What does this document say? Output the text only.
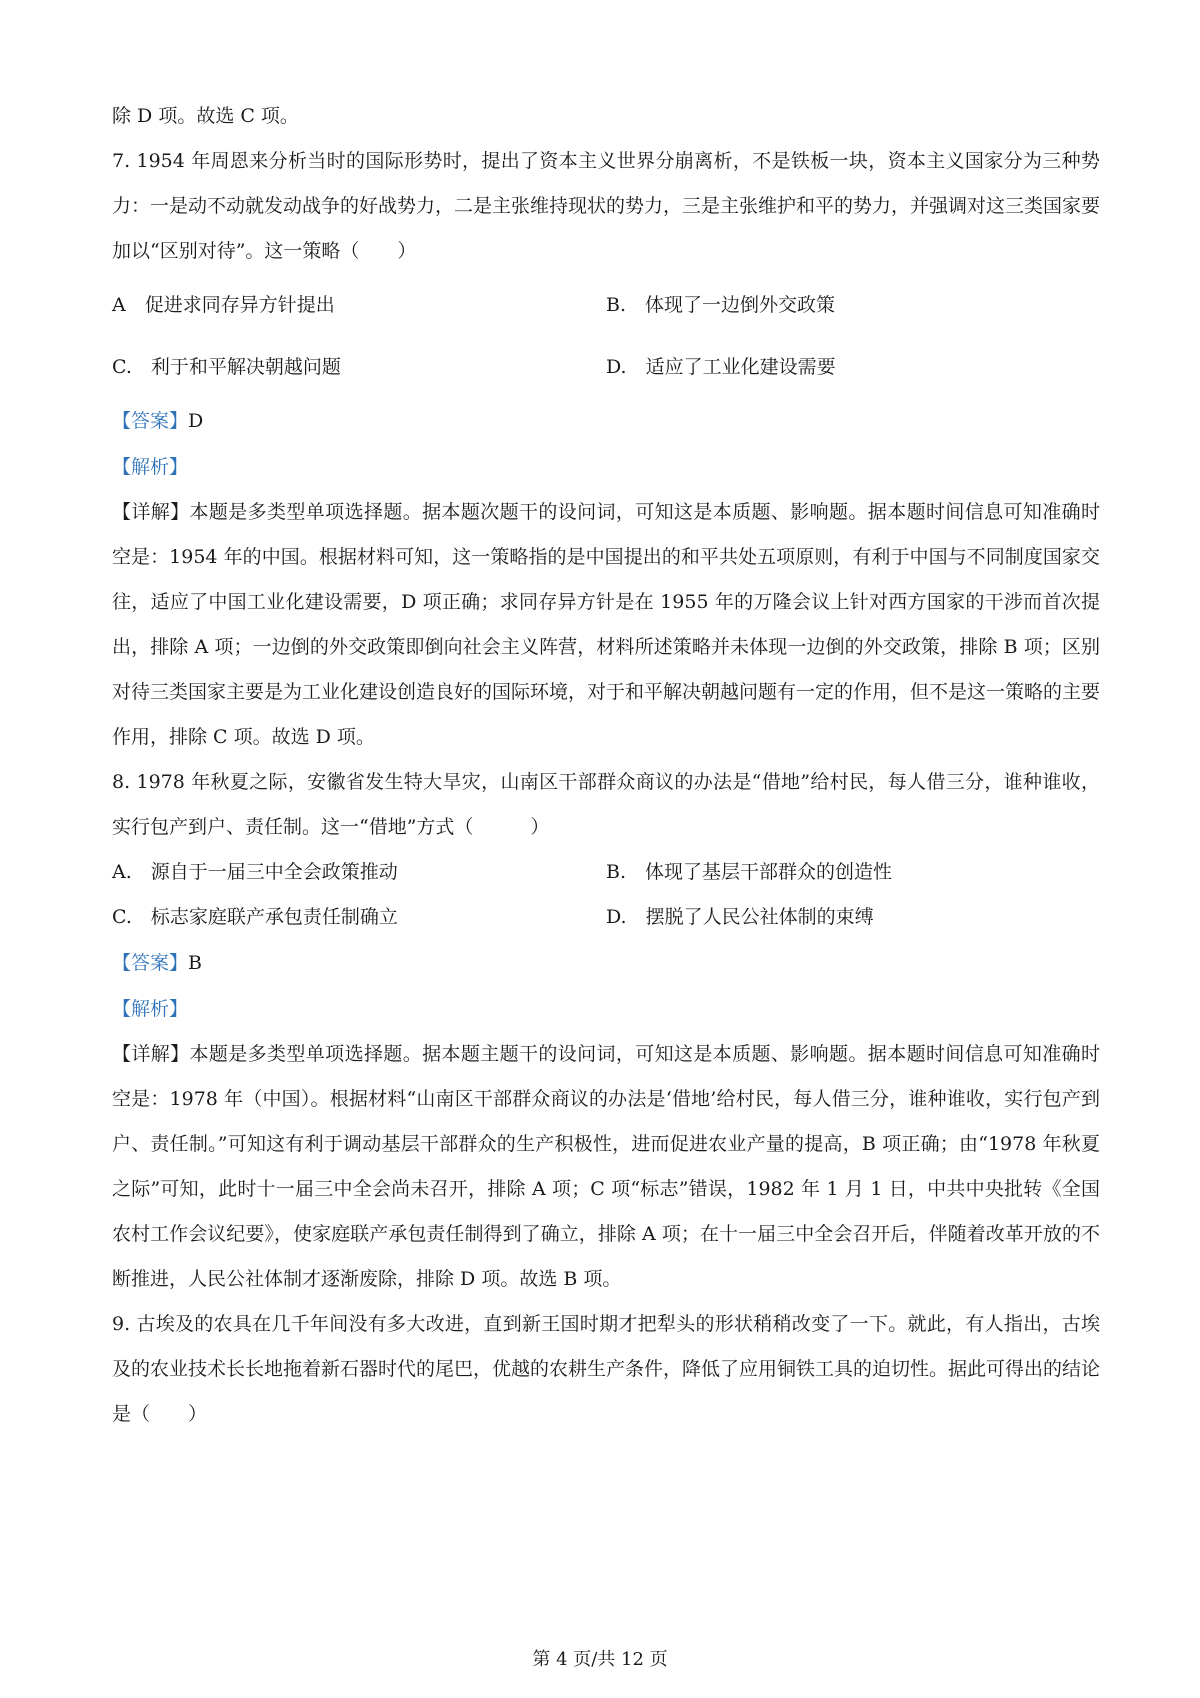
除 D 项。故选 C 项。

7. 1954 年周恩来分析当时的国际形势时，提出了资本主义世界分崩离析，不是铁板一块，资本主义国家分为三种势力：一是动不动就发动战争的好战势力，二是主张维持现状的势力，三是主张维护和平的势力，并强调对这三类国家要加以“区别对待”。这一策略（　　）

A　促进求同存异方针提出	B.　体现了一边倒外交政策
C.　利于和平解决朝越问题	D.　适应了工业化建设需要

【答案】D

【解析】

【详解】本题是多类型单项选择题。据本题次题干的设问词，可知这是本质题、影响题。据本题时间信息可知准确时空是：1954 年的中国。根据材料可知，这一策略指的是中国提出的和平共处五项原则，有利于中国与不同制度国家交往，适应了中国工业化建设需要，D 项正确；求同存异方针是在 1955 年的万隆会议上针对西方国家的干涉而首次提出，排除 A 项；一边倒的外交政策即倒向社会主义阵营，材料所述策略并未体现一边倒的外交政策，排除 B 项；区别对待三类国家主要是为工业化建设创造良好的国际环境，对于和平解决朝越问题有一定的作用，但不是这一策略的主要作用，排除 C 项。故选 D 项。

8. 1978 年秋夏之际，安徽省发生特大旱灾，山南区干部群众商议的办法是“借地”给村民，每人借三分，谁种谁收，实行包产到户、责任制。这一“借地”方式（　　　）

A.　源自于一届三中全会政策推动	B.　体现了基层干部群众的创造性
C.　标志家庭联产承包责任制确立	D.　摆脱了人民公社体制的束缚

【答案】B

【解析】

【详解】本题是多类型单项选择题。据本题主题干的设问词，可知这是本质题、影响题。据本题时间信息可知准确时空是：1978 年（中国）。根据材料“山南区干部群众商议的办法是‘借地’给村民，每人借三分，谁种谁收，实行包产到户、责任制。”可知这有利于调动基层干部群众的生产积极性，进而促进农业产量的提高，B 项正确；由“1978 年秋夏之际”可知，此时十一届三中全会尚未召开，排除 A 项；C 项“标志”错误，1982 年 1 月 1 日，中共中央批转《全国农村工作会议纪要》，使家庭联产承包责任制得到了确立，排除 A 项；在十一届三中全会召开后，伴随着改革开放的不断推进，人民公社体制才逐渐废除，排除 D 项。故选 B 项。

9. 古埃及的农具在几千年间没有多大改进，直到新王国时期才把犁头的形状稍稍改变了一下。就此，有人指出，古埃及的农业技术长长地拖着新石器时代的尾巴，优越的农耕生产条件，降低了应用铜铁工具的迫切性。据此可得出的结论是（　　）

第 4 页/共 12 页
